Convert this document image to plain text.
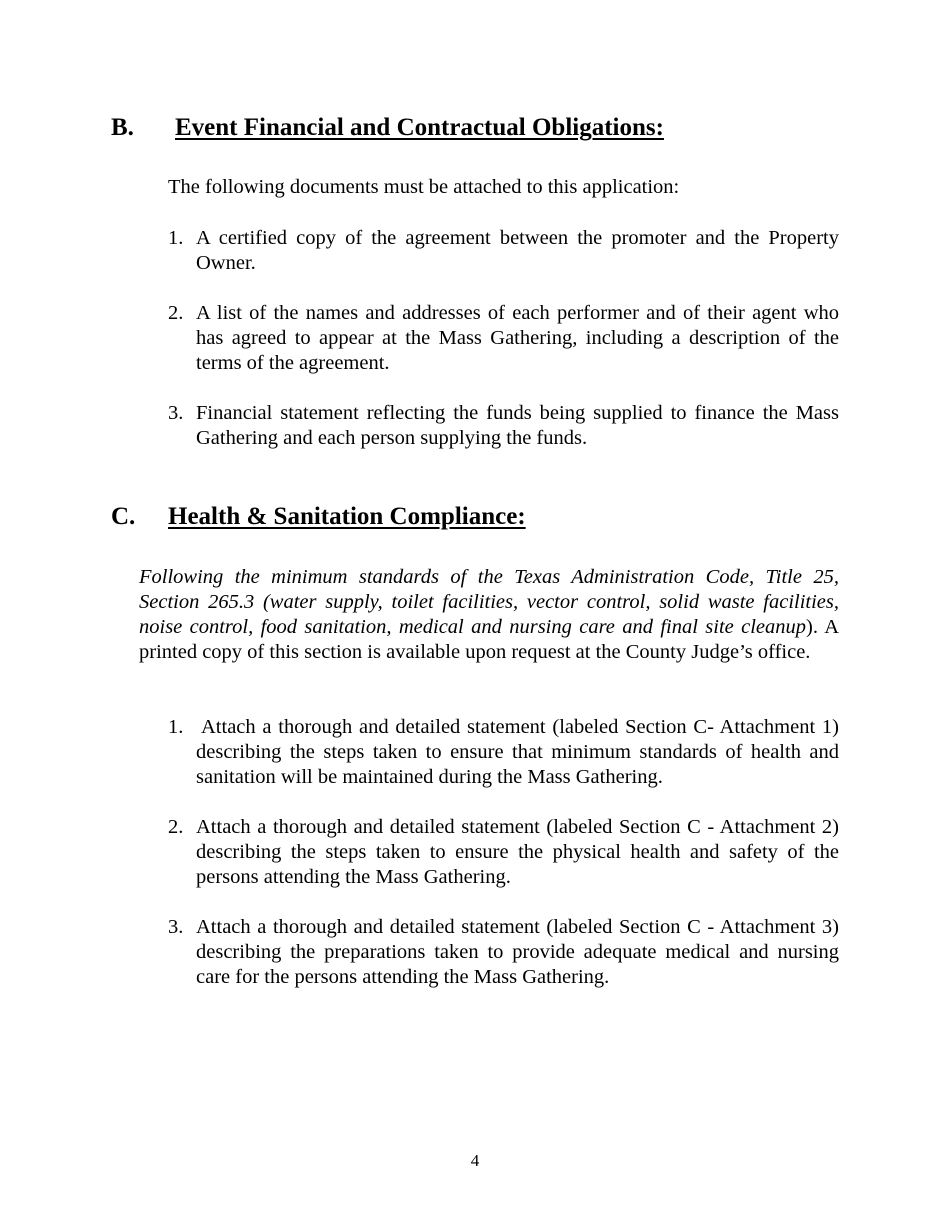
B. Event Financial and Contractual Obligations:
The following documents must be attached to this application:
1. A certified copy of the agreement between the promoter and the Property Owner.
2. A list of the names and addresses of each performer and of their agent who has agreed to appear at the Mass Gathering, including a description of the terms of the agreement.
3. Financial statement reflecting the funds being supplied to finance the Mass Gathering and each person supplying the funds.
C. Health & Sanitation Compliance:
Following the minimum standards of the Texas Administration Code, Title 25, Section 265.3 (water supply, toilet facilities, vector control, solid waste facilities, noise control, food sanitation, medical and nursing care and final site cleanup). A printed copy of this section is available upon request at the County Judge’s office.
1. Attach a thorough and detailed statement (labeled Section C- Attachment 1) describing the steps taken to ensure that minimum standards of health and sanitation will be maintained during the Mass Gathering.
2. Attach a thorough and detailed statement (labeled Section C - Attachment 2) describing the steps taken to ensure the physical health and safety of the persons attending the Mass Gathering.
3. Attach a thorough and detailed statement (labeled Section C - Attachment 3) describing the preparations taken to provide adequate medical and nursing care for the persons attending the Mass Gathering.
4
